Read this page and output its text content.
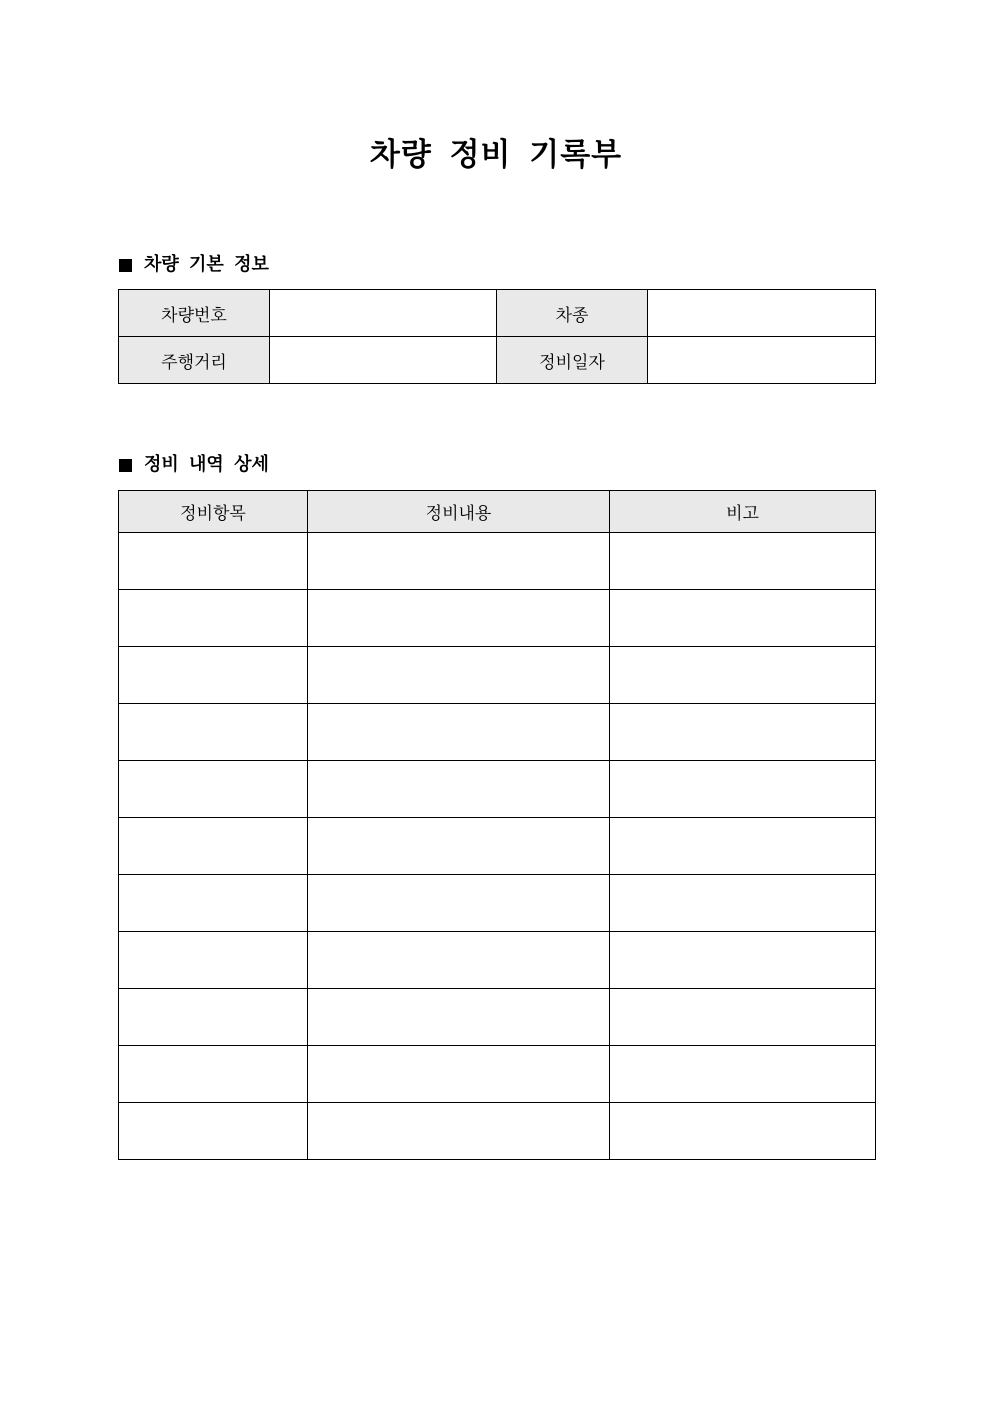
차량 정비 기록부
차량 기본 정보
차량번호		차종	
주행거리		정비일자	
정비 내역 상세
정비항목	정비내용	비고
